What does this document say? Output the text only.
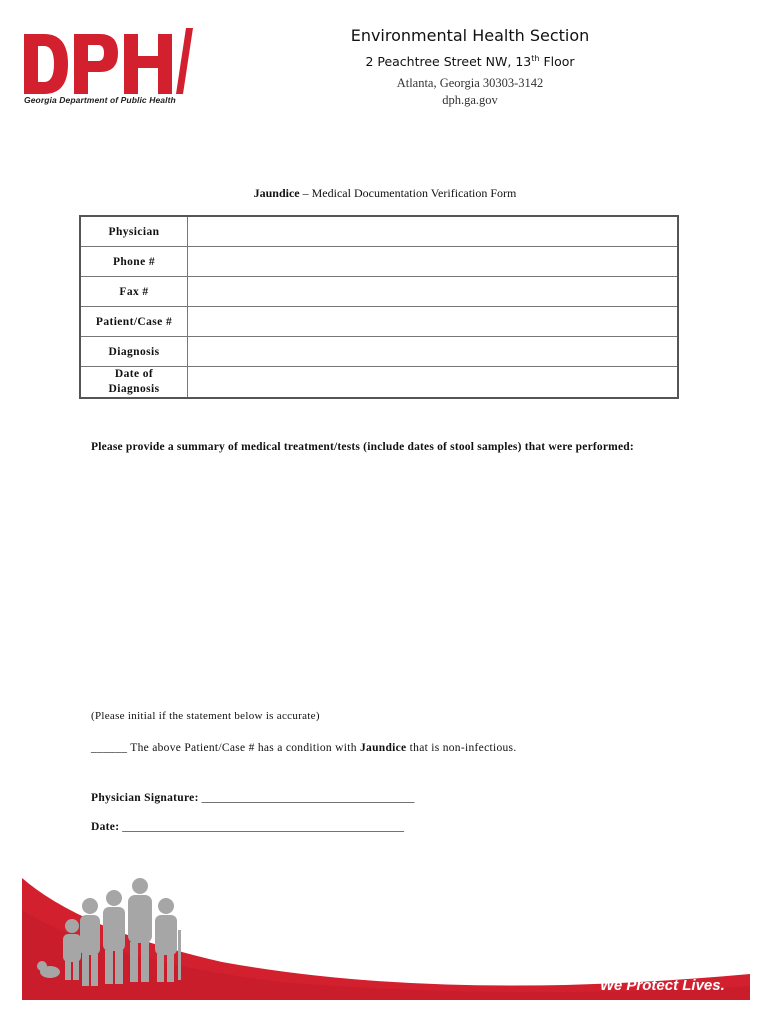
Georgia Department of Public Health
Environmental Health Section
2 Peachtree Street NW, 13th Floor
Atlanta, Georgia 30303-3142
dph.ga.gov
Jaundice – Medical Documentation Verification Form
Physician	
Phone #	
Fax #	
Patient/Case #	
Diagnosis	
Date of
Diagnosis	
Please provide a summary of medical treatment/tests (include dates of stool samples) that were performed:
(Please initial if the statement below is accurate)
______ The above Patient/Case # has a condition with Jaundice that is non-infectious.
Physician Signature: _____________________________________
Date: _________________________________________________
We Protect Lives.
